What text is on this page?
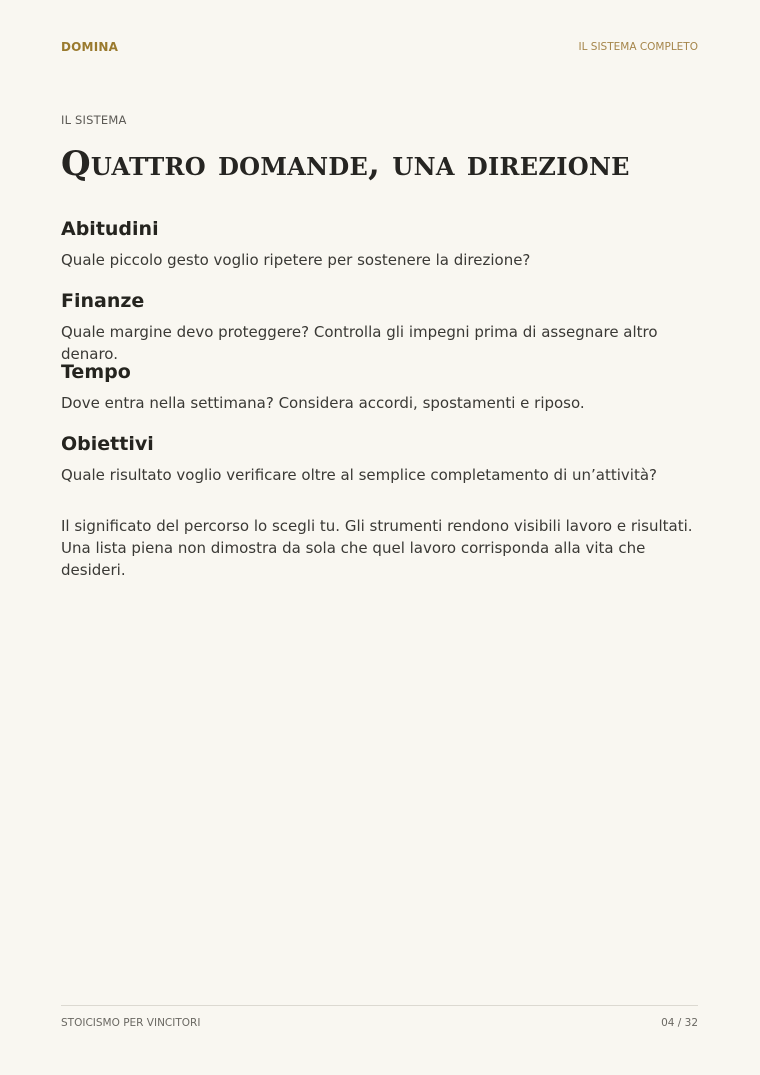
DOMINA	IL SISTEMA COMPLETO
IL SISTEMA
Quattro domande, una direzione
Abitudini

Quale piccolo gesto voglio ripetere per sostenere la direzione?

Finanze

Quale margine devo proteggere? Controlla gli impegni prima di assegnare altro denaro.

Tempo

Dove entra nella settimana? Considera accordi, spostamenti e riposo.

Obiettivi

Quale risultato voglio verificare oltre al semplice completamento di un’attività?

Il significato del percorso lo scegli tu. Gli strumenti rendono visibili lavoro e risultati. Una lista piena non dimostra da sola che quel lavoro corrisponda alla vita che desideri.

STOICISMO PER VINCITORI	04 / 32
